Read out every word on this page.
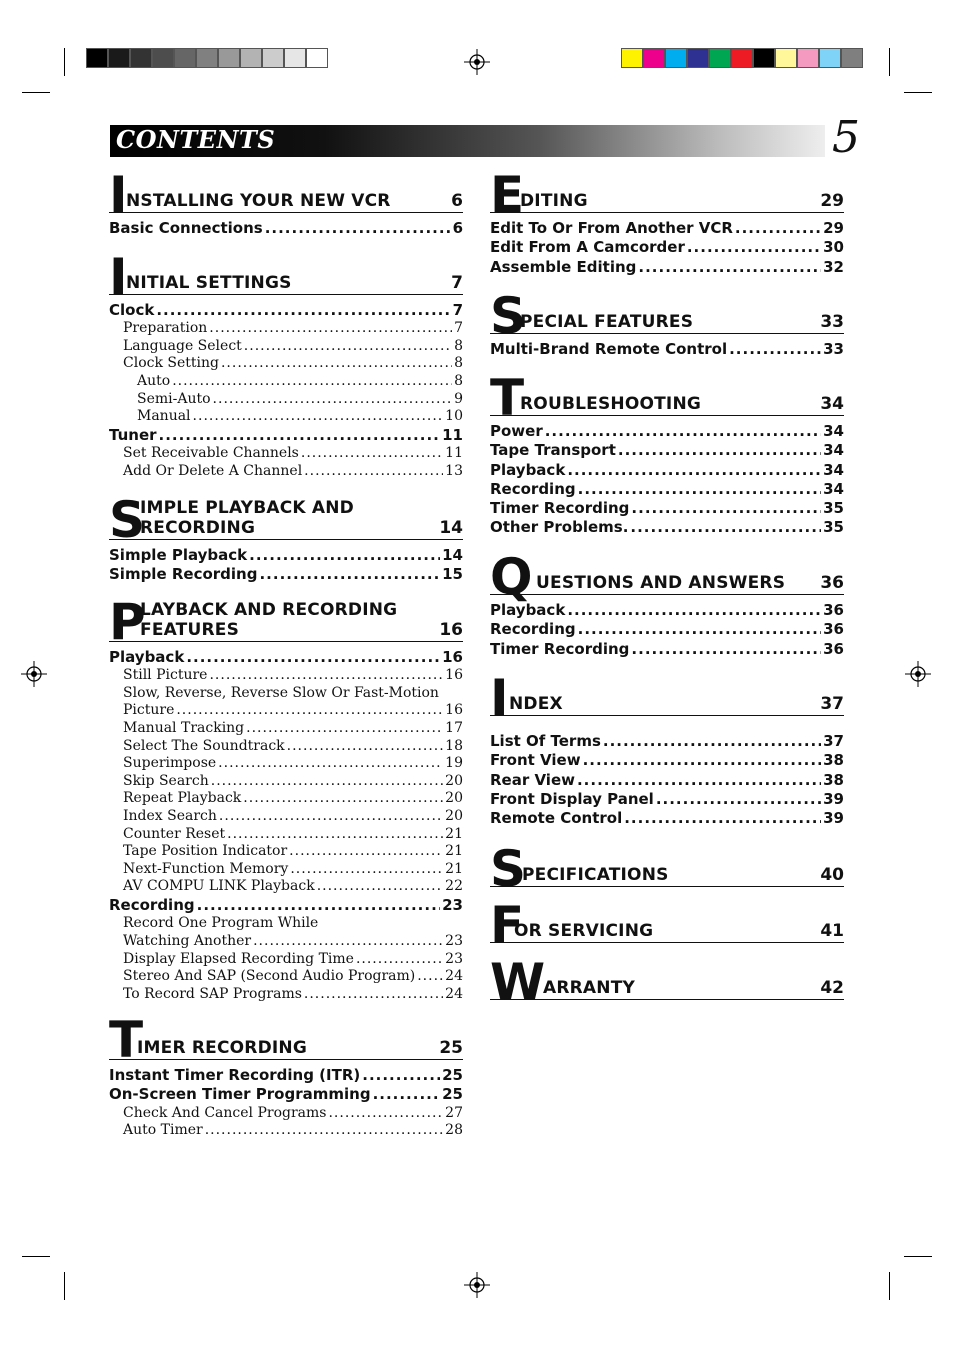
CONTENTS	5
I
NSTALLING YOUR NEW VCR	6
Basic Connections .....	6
I
NITIAL SETTINGS	7
Clock .....	7
Preparation .....	7
Language Select .....	8
Clock Setting .....	8
Auto .....	8
Semi-Auto .....	9
Manual .....	10
Tuner .....	11
Set Receivable Channels .....	11
Add Or Delete A Channel .....	13
S
IMPLE PLAYBACK AND
RECORDING	14
Simple Playback .....	14
Simple Recording .....	15
P
LAYBACK AND RECORDING
FEATURES	16
Playback .....	16
Still Picture .....	16
Slow, Reverse, Reverse Slow Or Fast-Motion
Picture .....	16
Manual Tracking .....	17
Select The Soundtrack .....	18
Superimpose .....	19
Skip Search .....	20
Repeat Playback .....	20
Index Search .....	20
Counter Reset .....	21
Tape Position Indicator .....	21
Next-Function Memory .....	21
AV COMPU LINK Playback .....	22
Recording .....	23
Record One Program While
Watching Another .....	23
Display Elapsed Recording Time .....	23
Stereo And SAP (Second Audio Program) ..... 24
To Record SAP Programs .....	24
T
IMER RECORDING	25
Instant Timer Recording (ITR) .....	25
On-Screen Timer Programming .....	25
Check And Cancel Programs .....	27
Auto Timer .....	28
E
DITING	29
Edit To Or From Another VCR .....	29
Edit From A Camcorder .....	30
Assemble Editing .....	32
S
PECIAL FEATURES	33
Multi-Brand Remote Control .....	33
T
ROUBLESHOOTING	34
Power .....	34
Tape Transport .....	34
Playback .....	34
Recording .....	34
Timer Recording .....	35
Other Problems. .....	35
Q UESTIONS AND ANSWERS 36
Playback .....	36
Recording .....	36
Timer Recording .....	36
I NDEX	37
List Of Terms .....	37
Front View .....	38
Rear View .....	38
Front Display Panel .....	39
Remote Control .....	39
S
PECIFICATIONS	40
F
OR SERVICING	41
W
ARRANTY	42
